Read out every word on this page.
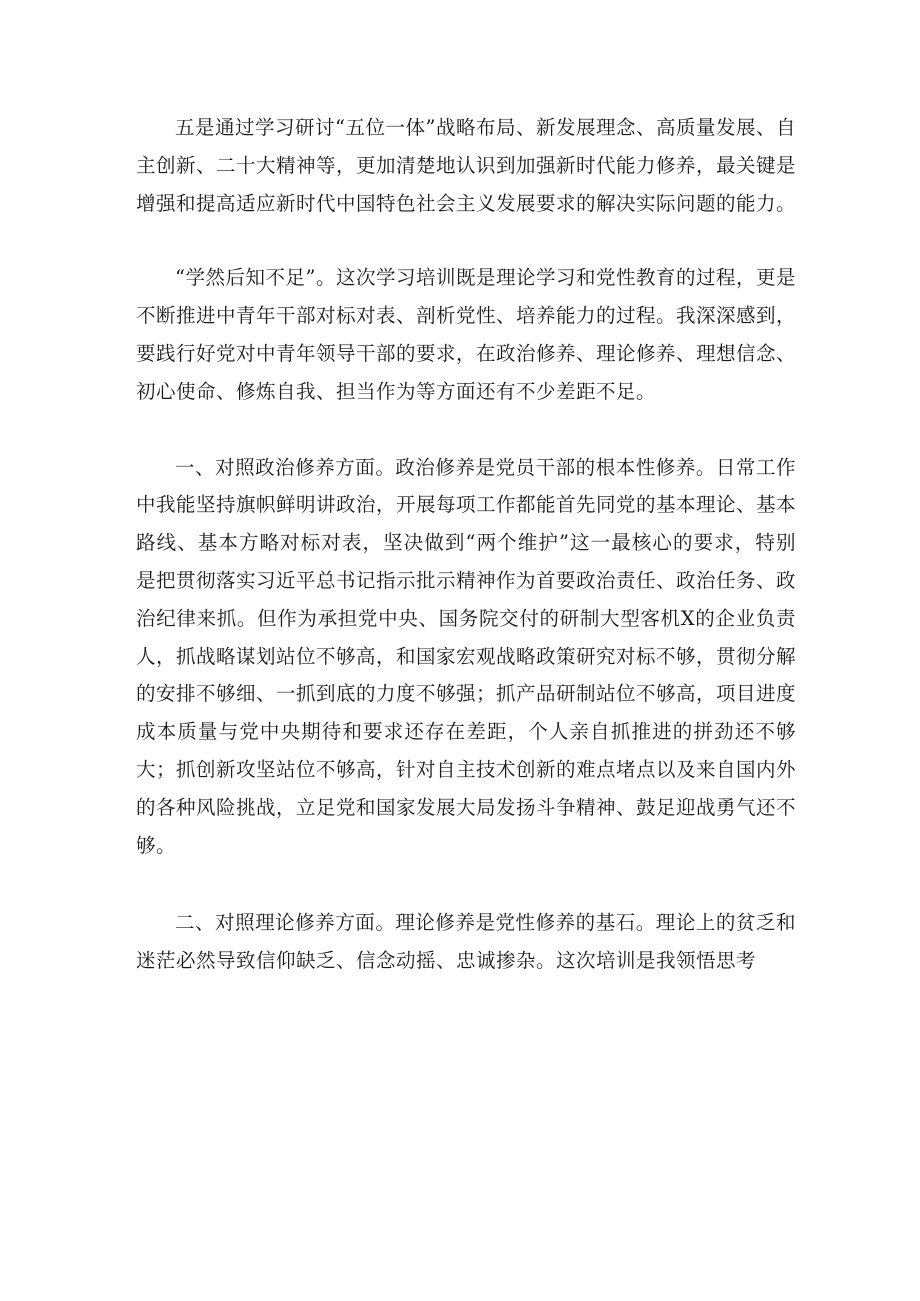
五是通过学习研讨“五位一体”战略布局、新发展理念、高质量发展、自主创新、二十大精神等，更加清楚地认识到加强新时代能力修养，最关键是增强和提高适应新时代中国特色社会主义发展要求的解决实际问题的能力。

“学然后知不足”。这次学习培训既是理论学习和党性教育的过程，更是不断推进中青年干部对标对表、剖析党性、培养能力的过程。我深深感到，要践行好党对中青年领导干部的要求，在政治修养、理论修养、理想信念、初心使命、修炼自我、担当作为等方面还有不少差距不足。

一、对照政治修养方面。政治修养是党员干部的根本性修养。日常工作中我能坚持旗帜鲜明讲政治，开展每项工作都能首先同党的基本理论、基本路线、基本方略对标对表，坚决做到“两个维护”这一最核心的要求，特别是把贯彻落实习近平总书记指示批示精神作为首要政治责任、政治任务、政治纪律来抓。但作为承担党中央、国务院交付的研制大型客机X的企业负责人，抓战略谋划站位不够高，和国家宏观战略政策研究对标不够，贯彻分解的安排不够细、一抓到底的力度不够强；抓产品研制站位不够高，项目进度成本质量与党中央期待和要求还存在差距，个人亲自抓推进的拼劲还不够大；抓创新攻坚站位不够高，针对自主技术创新的难点堵点以及来自国内外的各种风险挑战，立足党和国家发展大局发扬斗争精神、鼓足迎战勇气还不够。

二、对照理论修养方面。理论修养是党性修养的基石。理论上的贫乏和迷茫必然导致信仰缺乏、信念动摇、忠诚掺杂。这次培训是我领悟思考
